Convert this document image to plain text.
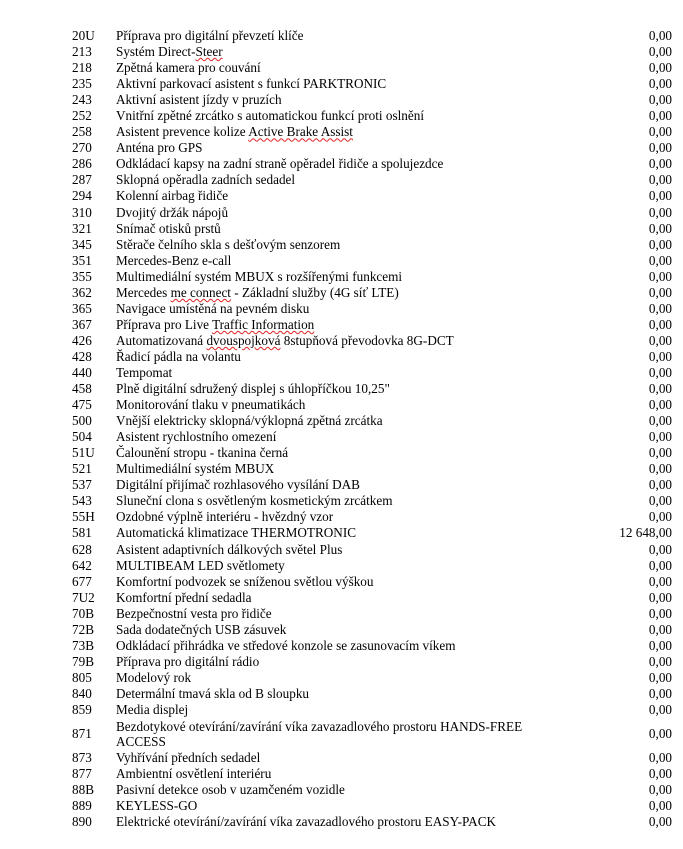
20U	Příprava pro digitální převzetí klíče	0,00
213	Systém Direct-Steer	0,00
218	Zpětná kamera pro couvání	0,00
235	Aktivní parkovací asistent s funkcí PARKTRONIC	0,00
243	Aktivní asistent jízdy v pruzích	0,00
252	Vnitřní zpětné zrcátko s automatickou funkcí proti oslnění	0,00
258	Asistent prevence kolize Active Brake Assist	0,00
270	Anténa pro GPS	0,00
286	Odkládací kapsy na zadní straně opěradel řidiče a spolujezdce	0,00
287	Sklopná opěradla zadních sedadel	0,00
294	Kolenní airbag řidiče	0,00
310	Dvojitý držák nápojů	0,00
321	Snímač otisků prstů	0,00
345	Stěrače čelního skla s dešťovým senzorem	0,00
351	Mercedes-Benz e-call	0,00
355	Multimediální systém MBUX s rozšířenými funkcemi	0,00
362	Mercedes me connect - Základní služby (4G síť LTE)	0,00
365	Navigace umístěná na pevném disku	0,00
367	Příprava pro Live Traffic Information	0,00
426	Automatizovaná dvouspojková 8stupňová převodovka 8G-DCT	0,00
428	Řadicí pádla na volantu	0,00
440	Tempomat	0,00
458	Plně digitální sdružený displej s úhlopříčkou 10,25"	0,00
475	Monitorování tlaku v pneumatikách	0,00
500	Vnější elektricky sklopná/výklopná zpětná zrcátka	0,00
504	Asistent rychlostního omezení	0,00
51U	Čalounění stropu - tkanina černá	0,00
521	Multimediální systém MBUX	0,00
537	Digitální přijímač rozhlasového vysílání DAB	0,00
543	Sluneční clona s osvětleným kosmetickým zrcátkem	0,00
55H	Ozdobné výplně interiéru - hvězdný vzor	0,00
581	Automatická klimatizace THERMOTRONIC	12 648,00
628	Asistent adaptivních dálkových světel Plus	0,00
642	MULTIBEAM LED světlomety	0,00
677	Komfortní podvozek se sníženou světlou výškou	0,00
7U2	Komfortní přední sedadla	0,00
70B	Bezpečnostní vesta pro řidiče	0,00
72B	Sada dodatečných USB zásuvek	0,00
73B	Odkládací přihrádka ve středové konzole se zasunovacím víkem	0,00
79B	Příprava pro digitální rádio	0,00
805	Modelový rok	0,00
840	Determální tmavá skla od B sloupku	0,00
859	Media displej	0,00
871	Bezdotykové otevírání/zavírání víka zavazadlového prostoru HANDS-FREE ACCESS	0,00
873	Vyhřívání předních sedadel	0,00
877	Ambientní osvětlení interiéru	0,00
88B	Pasivní detekce osob v uzamčeném vozidle	0,00
889	KEYLESS-GO	0,00
890	Elektrické otevírání/zavírání víka zavazadlového prostoru EASY-PACK	0,00
